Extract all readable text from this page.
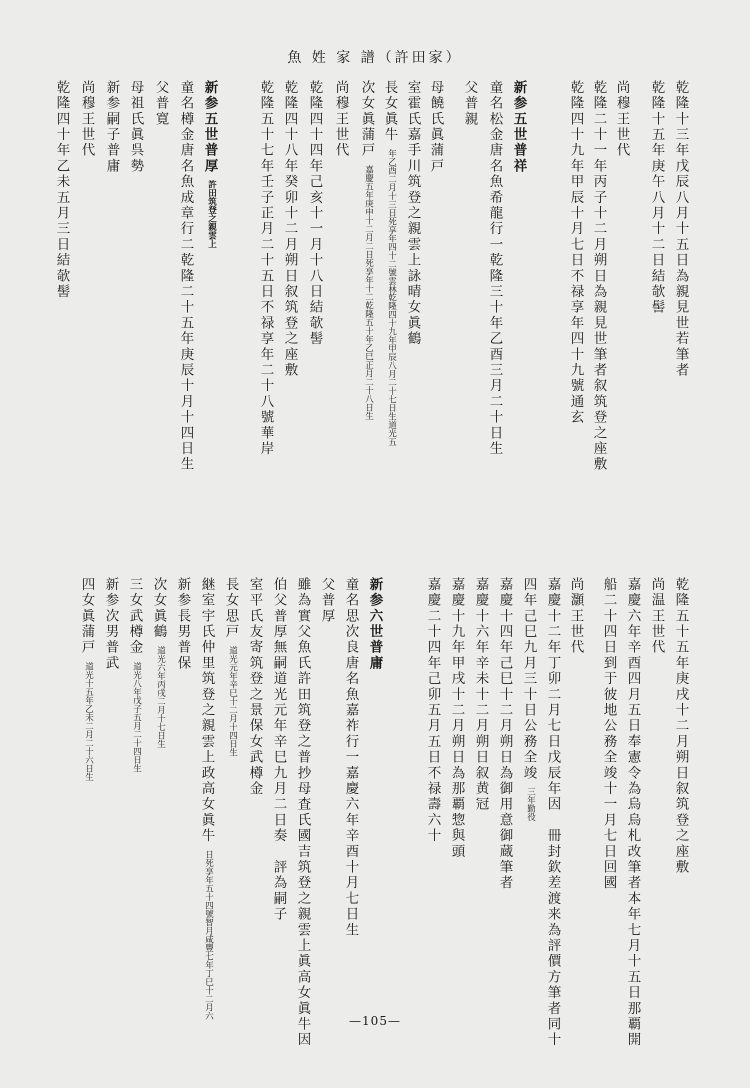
魚 姓 家 譜（許田家）
乾隆十三年戊辰八月十五日為親見世若筆者
乾隆十五年庚午八月十二日結欹髻
尚穆王世代
乾隆二十一年丙子十二月朔日為親見世筆者叙筑登之座敷
乾隆四十九年甲辰十月七日不禄享年四十九號通玄
新参五世普祥
童名松金唐名魚希龍行一乾隆三十年乙酉三月二十日生
父普親
母饒氏眞蒲戸
室霍氏嘉手川筑登之親雲上詠晴女眞鶴
長女眞牛
乾隆四十九年甲辰八月二十七日生道光五
年乙酉二月十三日死享年四十二號雲林
次女眞蒲戸
乾隆五十年乙巳正月二十八日生
嘉慶五年庚申十二月二日死享年十二
尚穆王世代
乾隆四十四年己亥十一月十八日結欹髻
乾隆四十八年癸卯十二月朔日叙筑登之座敷
乾隆五十七年壬子正月二十五日不禄享年二十八號華岸
新参五世普厚
許田筑登之親雲上
童名樽金唐名魚成章行二乾隆二十五年庚辰十月十四日生
父普寛
母祖氏眞呉勢
新参嗣子普庸
尚穆王世代
乾隆四十年乙未五月三日結欹髻
乾隆五十五年庚戌十二月朔日叙筑登之座敷
尚温王世代
嘉慶六年辛酉四月五日奉憲令為烏烏札改筆者本年七月十五日那覇開
船二十四日到于彼地公務全竣十一月七日回國
尚灝王世代
嘉慶十二年丁卯二月七日戊辰年因　冊封欽差渡来為評價方筆者同十
四年己巳九月三十日公務全竣
勤役
三年
嘉慶十四年己巳十二月朔日為御用意御蔵筆者
嘉慶十六年辛未十二月朔日叙黄冠
嘉慶十九年甲戌十二月朔日為那覇惣與頭
嘉慶二十四年己卯五月五日不禄壽六十
新参六世普庸
童名思次良唐名魚嘉祚行一嘉慶六年辛酉十月七日生
父普厚
雖為實父魚氏許田筑登之普抄母査氏國吉筑登之親雲上眞高女眞牛因
伯父普厚無嗣道光元年辛巳九月二日奏　評為嗣子
室平氏友寄筑登之景保女武樽金
長女思戸
道光元年辛巳十二月十四日生
継室宇氏仲里筑登之親雲上政高女眞牛
咸豐七年丁巳十二月六
日死享年五十四號智月
新参長男普保
次女眞鶴
道光六年丙戌二月十七日生
三女武樽金
道光八年戊子五月二十四日生
新参次男普武
四女眞蒲戸
道光十五年乙未二月二十六日生
—105—
